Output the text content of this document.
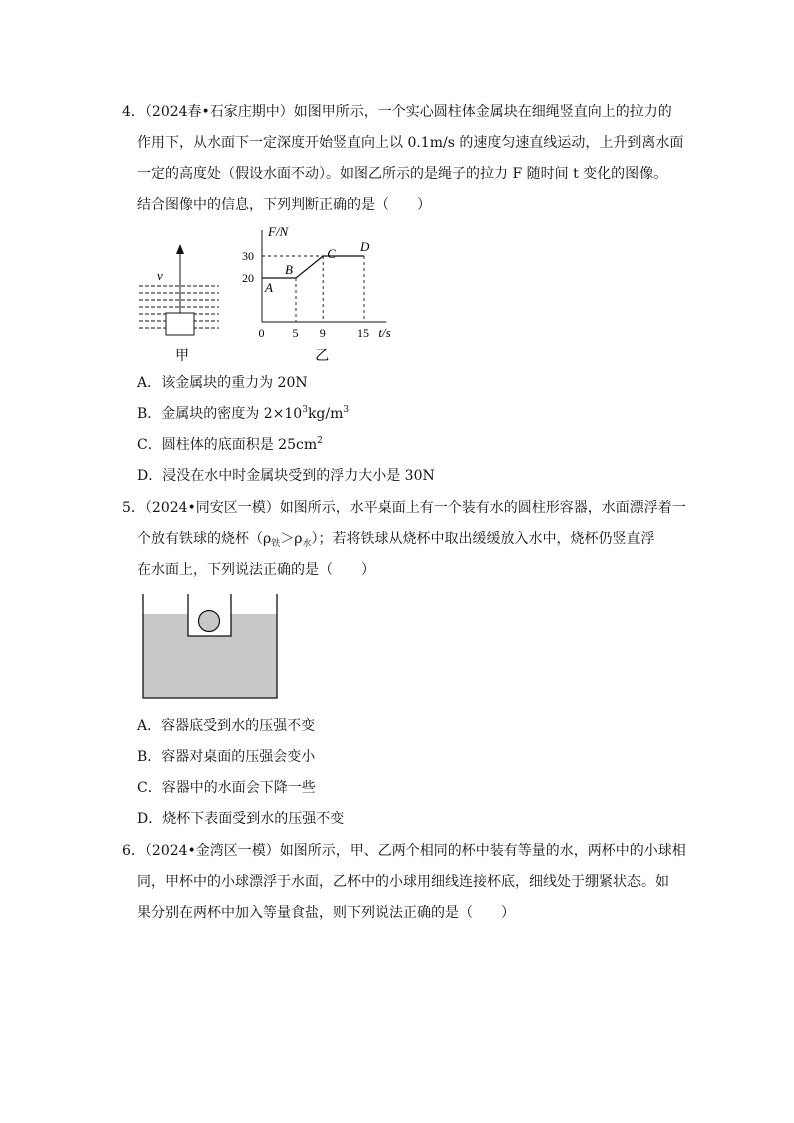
4．（2024春•石家庄期中）如图甲所示，一个实心圆柱体金属块在细绳竖直向上的拉力的
作用下，从水面下一定深度开始竖直向上以 0.1m/s 的速度匀速直线运动，上升到离水面
一定的高度处（假设水面不动）。如图乙所示的是绳子的拉力 F 随时间 t 变化的图像。
结合图像中的信息，下列判断正确的是（　　）
v
甲
F/N
t/s
0 5 9	15
20
30
A
B
C D
乙
A．该金属块的重力为 20N
B．金属块的密度为 $2\times 10^3kg/m^3$
C．圆柱体的底面积是 $25cm^2$
D．浸没在水中时金属块受到的浮力大小是 30N
5．（2024•同安区一模）如图所示，水平桌面上有一个装有水的圆柱形容器，水面漂浮着一
个放有铁球的烧杯$(\rho_铁>\rho_水)$；若将铁球从烧杯中取出缓缓放入水中，烧杯仍竖直浮
在水面上，下列说法正确的是（　　）
A．容器底受到水的压强不变
B．容器对桌面的压强会变小
C．容器中的水面会下降一些
D．烧杯下表面受到水的压强不变
6．（2024•金湾区一模）如图所示，甲、乙两个相同的杯中装有等量的水，两杯中的小球相
同，甲杯中的小球漂浮于水面，乙杯中的小球用细线连接杯底，细线处于绷紧状态。如
果分别在两杯中加入等量食盐，则下列说法正确的是（　　）
